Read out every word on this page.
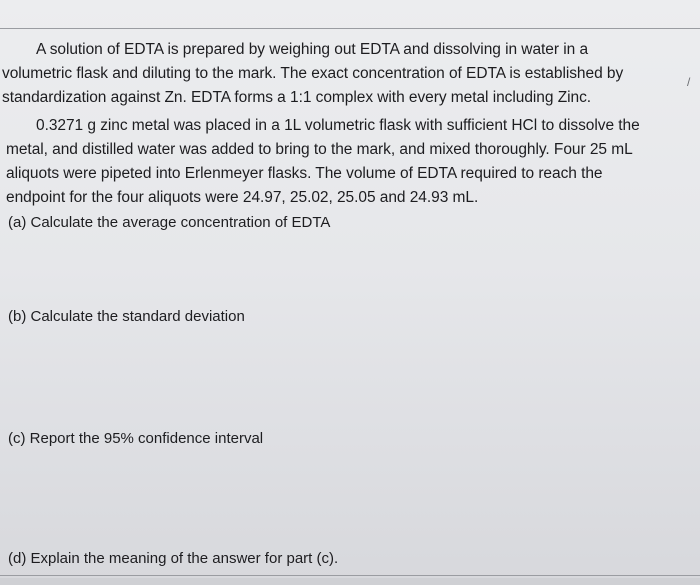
A solution of EDTA is prepared by weighing out EDTA and dissolving in water in a
volumetric flask and diluting to the mark. The exact concentration of EDTA is established by
standardization against Zn. EDTA forms a 1:1 complex with every metal including Zinc.
0.3271 g zinc metal was placed in a 1L volumetric flask with sufficient HCl to dissolve the
metal, and distilled water was added to bring to the mark, and mixed thoroughly. Four 25 mL
aliquots were pipeted into Erlenmeyer flasks. The volume of EDTA required to reach the
endpoint for the four aliquots were 24.97, 25.02, 25.05 and 24.93 mL.

(a) Calculate the average concentration of EDTA

(b) Calculate the standard deviation

(c) Report the 95% confidence interval

(d) Explain the meaning of the answer for part (c).

/
